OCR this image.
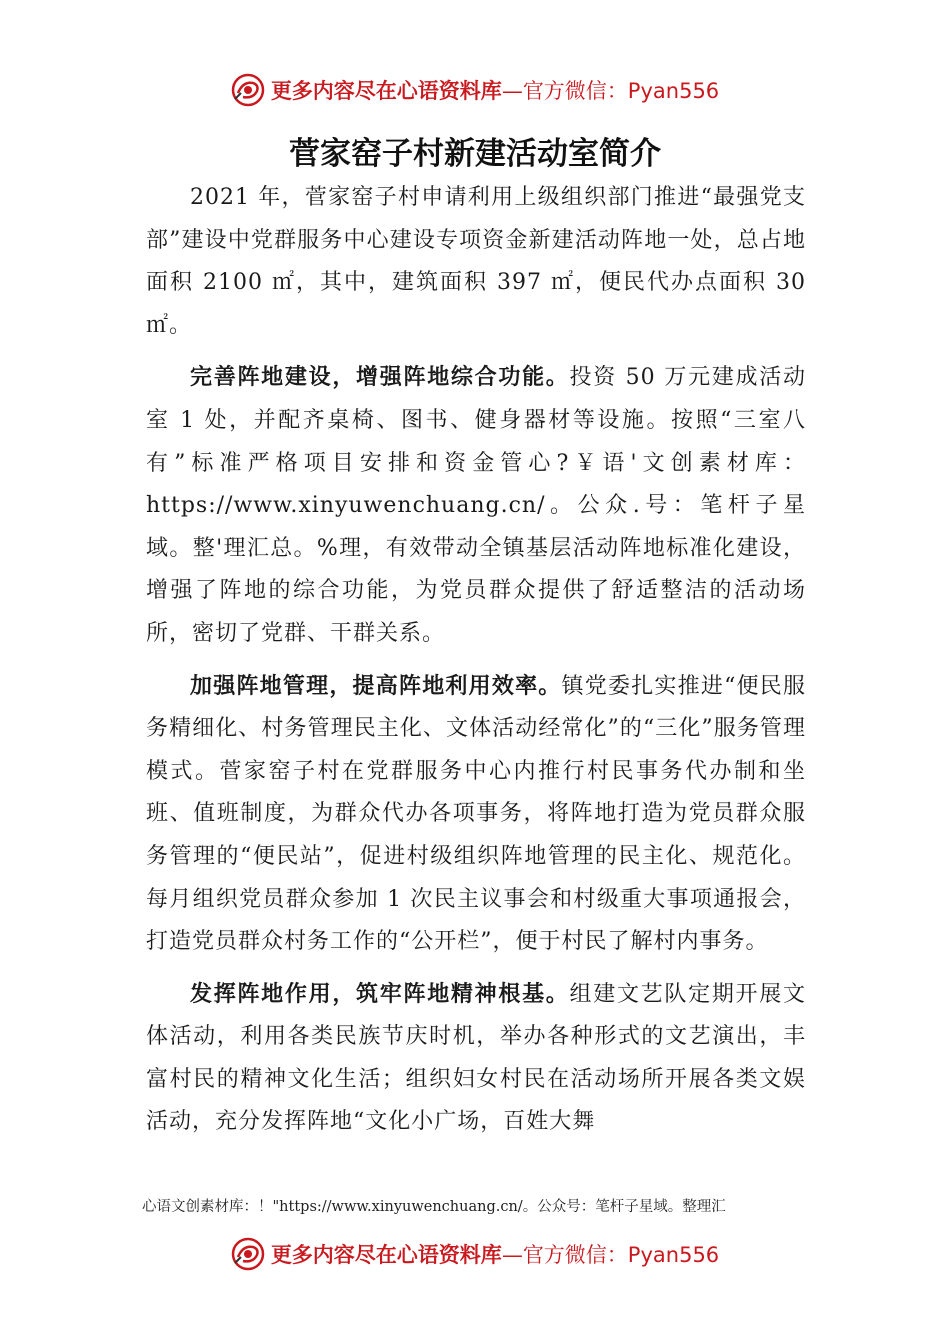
更多内容尽在心语资料库—官方微信：Pyan556
菅家窑子村新建活动室简介

2021 年，菅家窑子村申请利用上级组织部门推进“最强党支部”建设中党群服务中心建设专项资金新建活动阵地一处，总占地面积 2100 ㎡，其中，建筑面积 397 ㎡，便民代办点面积 30 ㎡。

完善阵地建设，增强阵地综合功能。投资 50 万元建成活动室 1 处，并配齐桌椅、图书、健身器材等设施。按照“三室八有”标准严格项目安排和资金管心?￥语'文创素材库：https://www.xinyuwenchuang.cn/。公众.号：笔杆子星域。整'理汇总。%理，有效带动全镇基层活动阵地标准化建设，增强了阵地的综合功能，为党员群众提供了舒适整洁的活动场所，密切了党群、干群关系。

加强阵地管理，提高阵地利用效率。镇党委扎实推进“便民服务精细化、村务管理民主化、文体活动经常化”的“三化”服务管理模式。菅家窑子村在党群服务中心内推行村民事务代办制和坐班、值班制度，为群众代办各项事务，将阵地打造为党员群众服务管理的“便民站”，促进村级组织阵地管理的民主化、规范化。每月组织党员群众参加 1 次民主议事会和村级重大事项通报会，打造党员群众村务工作的“公开栏”，便于村民了解村内事务。

发挥阵地作用，筑牢阵地精神根基。组建文艺队定期开展文体活动，利用各类民族节庆时机，举办各种形式的文艺演出，丰富村民的精神文化生活；组织妇女村民在活动场所开展各类文娱活动，充分发挥阵地“文化小广场，百姓大舞

心语文创素材库：！"https://www.xinyuwenchuang.cn/。公众号：笔杆子星域。整理汇
更多内容尽在心语资料库—官方微信：Pyan556
